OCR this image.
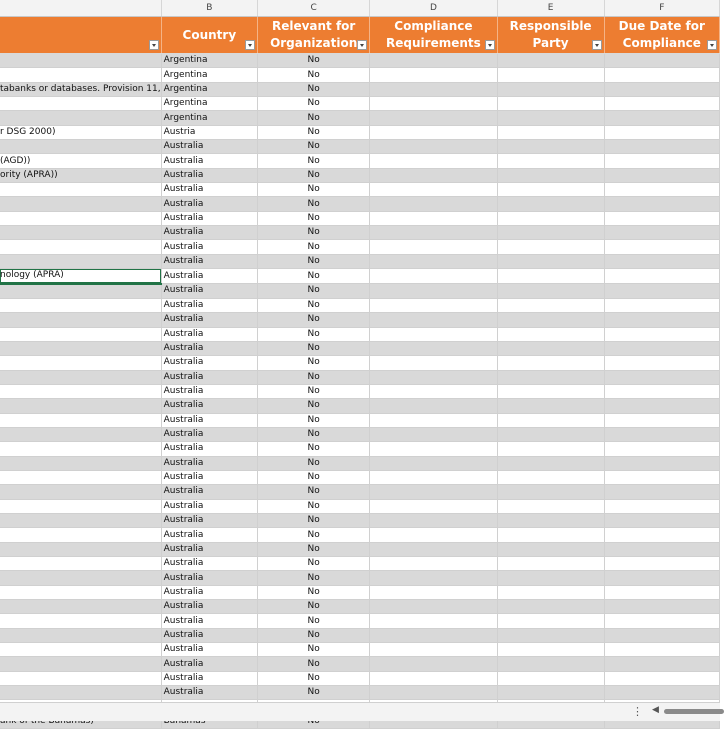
	B	C	D	E	F

	Country	Relevant for Organization	Compliance Requirements	Responsible Party	Due Date for Compliance

	Argentina	No			
	Argentina	No			
tabanks or databases. Provision 11,	Argentina	No			
	Argentina	No			
	Argentina	No			
r DSG 2000)	Austria	No			
	Australia	No			
(AGD))	Australia	No			
ority (APRA))	Australia	No			
	Australia	No			
	Australia	No			
	Australia	No			
	Australia	No			
	Australia	No			
	Australia	No			
nology (APRA)	Australia	No			
	Australia	No			
	Australia	No			
	Australia	No			
	Australia	No			
	Australia	No			
	Australia	No			
	Australia	No			
	Australia	No			
	Australia	No			
	Australia	No			
	Australia	No			
	Australia	No			
	Australia	No			
	Australia	No			
	Australia	No			
	Australia	No			
	Australia	No			
	Australia	No			
	Australia	No			
	Australia	No			
	Australia	No			
	Australia	No			
	Australia	No			
	Australia	No			
	Australia	No			
	Australia	No			
	Australia	No			
	Australia	No			
	Australia	No			

⋮ ◀
